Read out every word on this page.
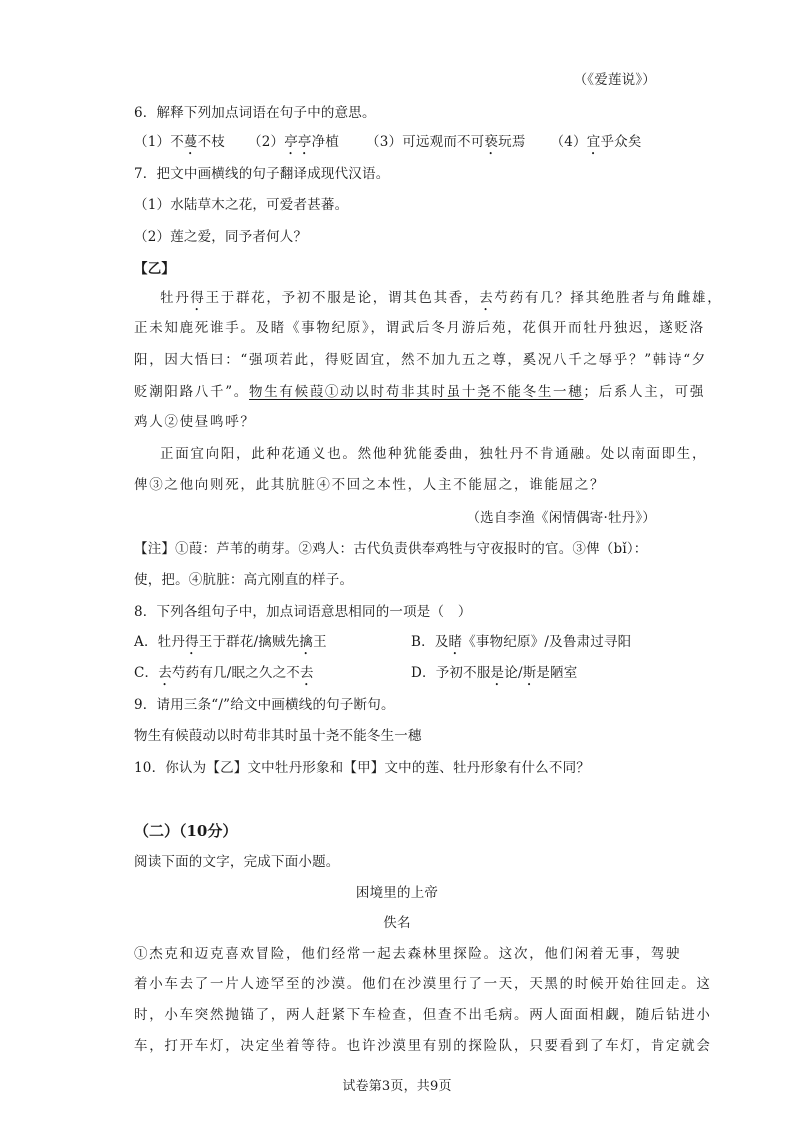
（《爱莲说》）
6．解释下列加点词语在句子中的意思。
（1）不蔓不枝 （2）亭亭净植 （3）可远观而不可亵玩焉 （4）宜乎众矣
7．把文中画横线的句子翻译成现代汉语。
（1）水陆草木之花，可爱者甚蕃。
（2）莲之爱，同予者何人？
【乙】
牡丹得王于群花，予初不服是论，谓其色其香，去芍药有几？择其绝胜者与角雌雄，
正未知鹿死谁手。及睹《事物纪原》，谓武后冬月游后苑，花俱开而牡丹独迟，遂贬洛
阳，因大悟曰：“强项若此，得贬固宜，然不加九五之尊，奚况八千之辱乎？”韩诗“夕
贬潮阳路八千”。物生有候葭①动以时苟非其时虽十尧不能冬生一穗；后系人主，可强
鸡人②使昼鸣呼？
正面宜向阳，此种花通义也。然他种犹能委曲，独牡丹不肯通融。处以南面即生，
俾③之他向则死，此其肮脏④不回之本性，人主不能屈之，谁能屈之？
（选自李渔《闲情偶寄·牡丹》）
【注】①葭：芦苇的萌芽。②鸡人：古代负责供奉鸡牲与守夜报时的官。③俾（bǐ）：
使，把。④肮脏：高亢刚直的样子。
8．下列各组句子中，加点词语意思相同的一项是（　）
A．牡丹得王于群花/擒贼先擒王	B．及睹《事物纪原》/及鲁肃过寻阳
C．去芍药有几/眠之久之不去	D．予初不服是论/斯是陋室
9．请用三条“/”给文中画横线的句子断句。
物生有候葭动以时苟非其时虽十尧不能冬生一穗
10．你认为【乙】文中牡丹形象和【甲】文中的莲、牡丹形象有什么不同？
（二）（10分）
阅读下面的文字，完成下面小题。
困境里的上帝
佚名
①杰克和迈克喜欢冒险，他们经常一起去森林里探险。这次，他们闲着无事，驾驶
着小车去了一片人迹罕至的沙漠。他们在沙漠里行了一天，天黑的时候开始往回走。这
时，小车突然抛锚了，两人赶紧下车检查，但查不出毛病。两人面面相觑，随后钻进小
车，打开车灯，决定坐着等待。也许沙漠里有别的探险队，只要看到了车灯，肯定就会
试卷第3页，共9页
